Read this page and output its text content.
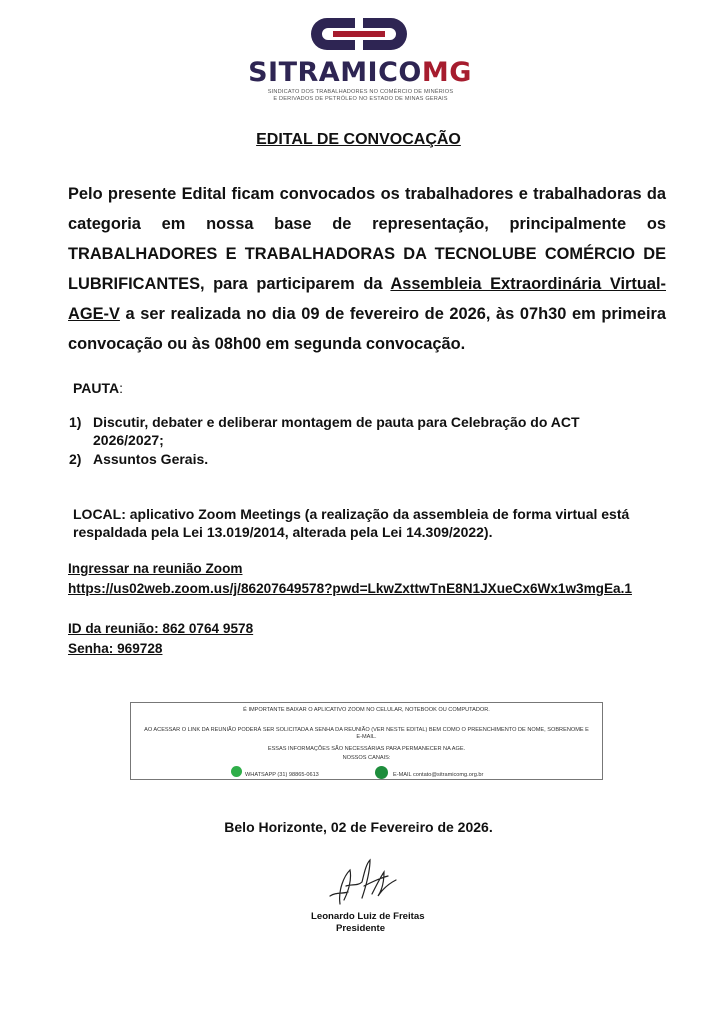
SITRAMICOMG
SINDICATO DOS TRABALHADORES NO COMÉRCIO DE MINÉRIOS
E DERIVADOS DE PETRÓLEO NO ESTADO DE MINAS GERAIS
EDITAL DE CONVOCAÇÃO
Pelo presente Edital ficam convocados os trabalhadores e trabalhadoras da categoria em nossa base de representação, principalmente os TRABALHADORES E TRABALHADORAS DA TECNOLUBE COMÉRCIO DE LUBRIFICANTES, para participarem da Assembleia Extraordinária Virtual-AGE-V a ser realizada no dia 09 de fevereiro de 2026, às 07h30 em primeira convocação ou às 08h00 em segunda convocação.
PAUTA:
1) Discutir, debater e deliberar montagem de pauta para Celebração do ACT 2026/2027;
2) Assuntos Gerais.
LOCAL: aplicativo Zoom Meetings (a realização da assembleia de forma virtual está respaldada pela Lei 13.019/2014, alterada pela Lei 14.309/2022).
Ingressar na reunião Zoom
https://us02web.zoom.us/j/86207649578?pwd=LkwZxttwTnE8N1JXueCx6Wx1w3mgEa.1
ID da reunião: 862 0764 9578
Senha: 969728
É IMPORTANTE BAIXAR O APLICATIVO ZOOM NO CELULAR, NOTEBOOK OU COMPUTADOR.
AO ACESSAR O LINK DA REUNIÃO PODERÁ SER SOLICITADA A SENHA DA REUNIÃO (VER NESTE EDITAL) BEM COMO O PREENCHIMENTO DE NOME, SOBRENOME E E-MAIL.
ESSAS INFORMAÇÕES SÃO NECESSÁRIAS PARA PERMANECER NA AGE.
NOSSOS CANAIS:
WHATSAPP (31) 98865-0613	E-MAIL contato@sitramicomg.org.br
Belo Horizonte, 02 de Fevereiro de 2026.
Leonardo Luiz de Freitas
Presidente
